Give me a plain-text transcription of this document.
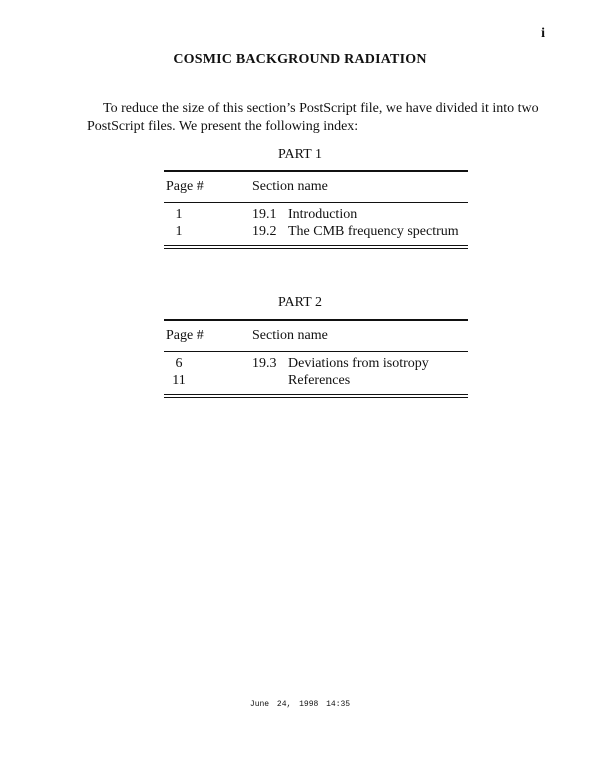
i
COSMIC BACKGROUND RADIATION
To reduce the size of this section’s PostScript file, we have divided it into two PostScript files. We present the following index:
PART 1
Page #	Section name
1	19.1 Introduction
1	19.2 The CMB frequency spectrum
PART 2
Page #	Section name
6	19.3 Deviations from isotropy
11	References
June 24, 1998 14:35
